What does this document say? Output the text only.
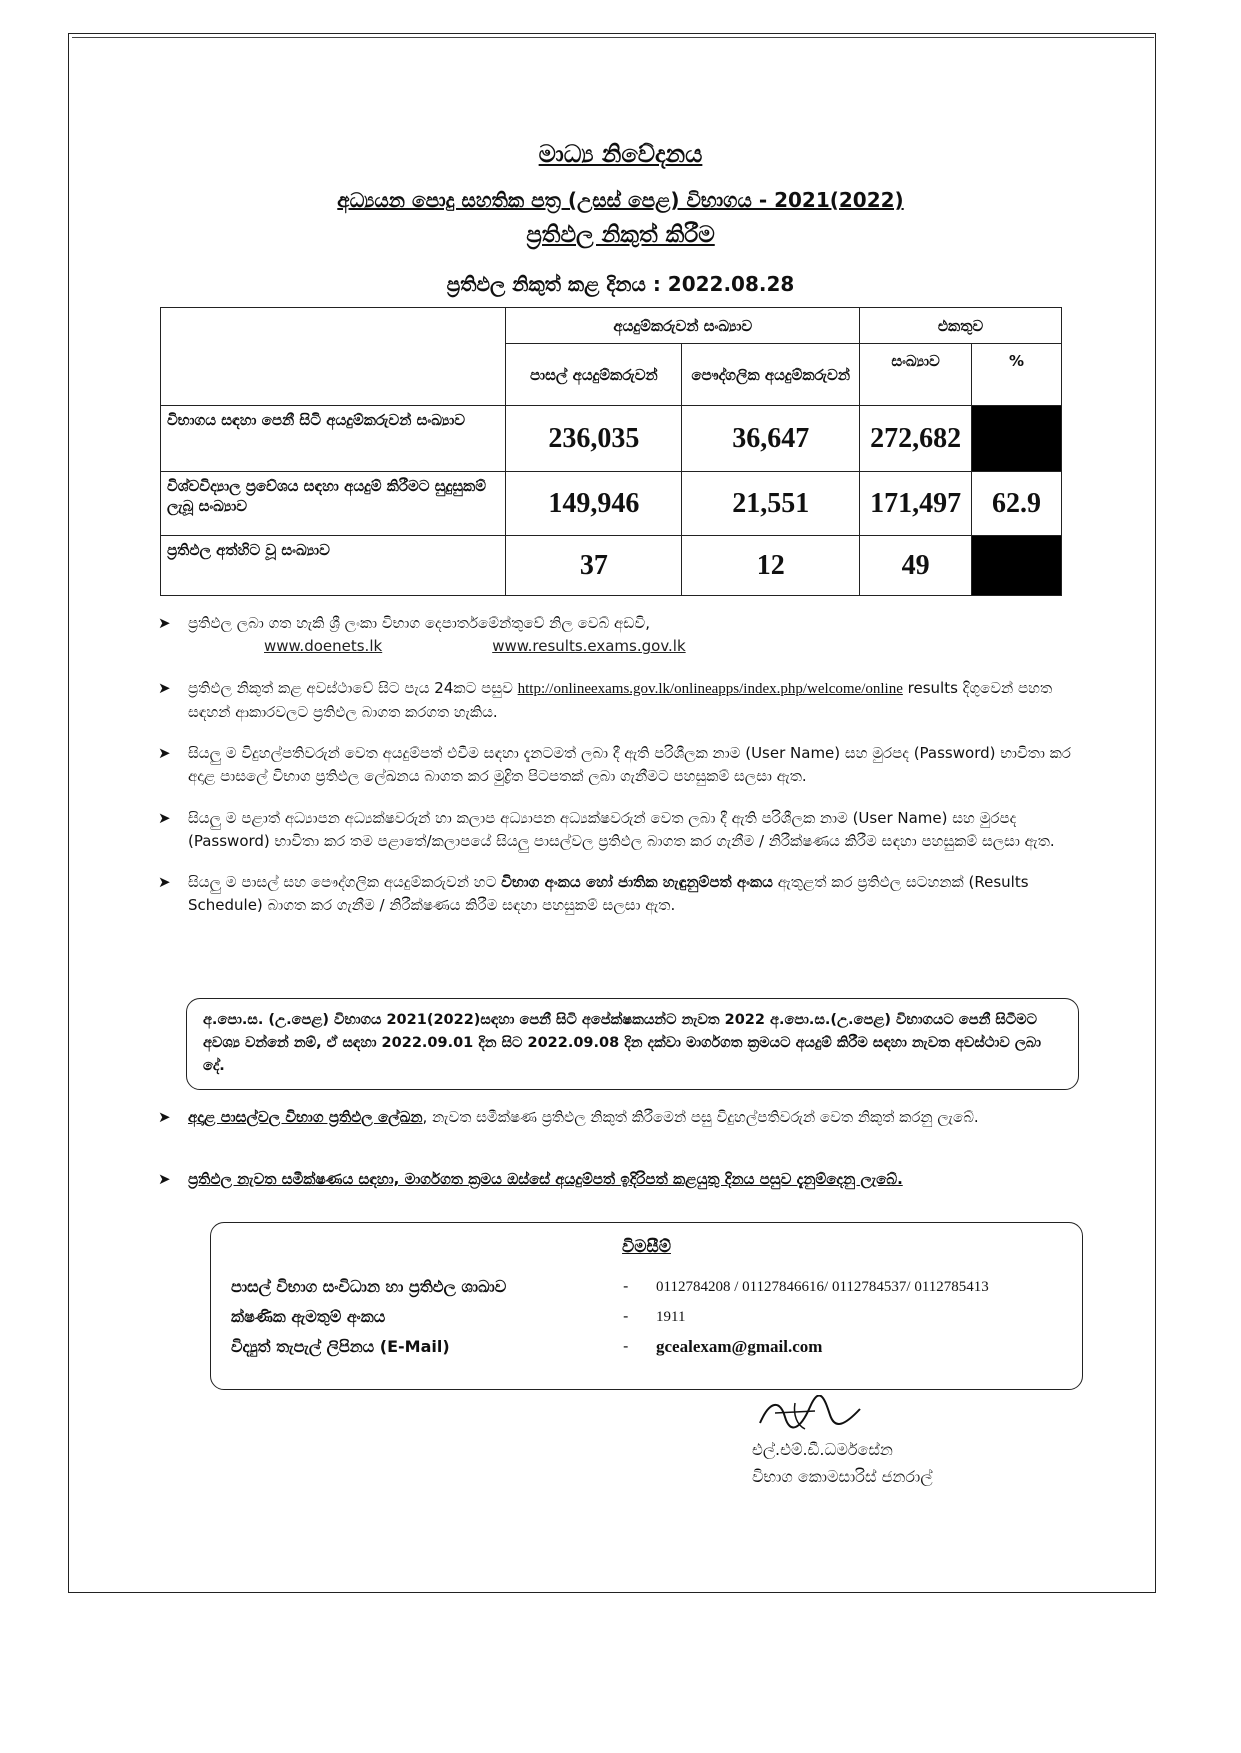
මාධ්‍ය නිවේදනය
අධ්‍යයන පොදු සහතික පත්‍ර (උසස් පෙළ) විභාගය - 2021(2022)
ප්‍රතිඵල නිකුත් කිරීම
ප්‍රතිඵල නිකුත් කළ දිනය : 2022.08.28
	අයදුම්කරුවන් සංඛ්‍යාව		එකතුව	
	පාසල් අයදුම්කරුවන්	පෞද්ගලික අයදුම්කරුවන්	සංඛ්‍යාව	%
විභාගය සඳහා පෙනී සිටි අයදුම්කරුවන් සංඛ්‍යාව	236,035	36,647	272,682	
විශ්වවිද්‍යාල ප්‍රවේශය සඳහා අයදුම් කිරීමට සුදුසුකම් ලැබූ සංඛ්‍යාව	149,946	21,551	171,497	62.9
ප්‍රතිඵල අත්හිට වූ සංඛ්‍යාව	37	12	49	
➤ ප්‍රතිඵල ලබා ගත හැකි ශ්‍රී ලංකා විභාග දෙපාර්තමේන්තුවේ නිල වෙබ් අඩවි,
www.doenets.lk	www.results.exams.gov.lk
➤ ප්‍රතිඵල නිකුත් කළ අවස්ථාවේ සිට පැය 24කට පසුව http://onlineexams.gov.lk/onlineapps/index.php/welcome/online results දිගුවෙන් පහත සඳහන් ආකාරවලට ප්‍රතිඵල බාගත කරගත හැකිය.
➤ සියලු ම විදුහල්පතිවරුන් වෙත අයදුම්පත් එවීම සඳහා දැනටමත් ලබා දී ඇති පරිශීලක නාම (User Name) සහ මුරපද (Password) භාවිතා කර අදාළ පාසලේ විභාග ප්‍රතිඵල ලේඛනය බාගත කර මුද්‍රිත පිටපතක් ලබා ගැනීමට පහසුකම් සලසා ඇත.
➤ සියලු ම පළාත් අධ්‍යාපන අධ්‍යක්ෂවරුන් හා කලාප අධ්‍යාපන අධ්‍යක්ෂවරුන් වෙත ලබා දී ඇති පරිශීලක නාම (User Name) සහ මුරපද (Password) භාවිතා කර තම පළාතේ/කලාපයේ සියලු පාසල්වල ප්‍රතිඵල බාගත කර ගැනීම / නිරීක්ෂණය කිරීම සඳහා පහසුකම් සලසා ඇත.
➤ සියලු ම පාසල් සහ පෞද්ගලික අයදුම්කරුවන් හට විභාග අංකය හෝ ජාතික හැඳුනුම්පත් අංකය ඇතුළත් කර ප්‍රතිඵල සටහනක් (Results Schedule) බාගත කර ගැනීම / නිරීක්ෂණය කිරීම සඳහා පහසුකම් සලසා ඇත.
අ.පො.ස. (උ.පෙළ) විභාගය 2021(2022)සඳහා පෙනී සිටි අපේක්ෂකයන්ට නැවත 2022 අ.පො.ස.(උ.පෙළ) විභාගයට පෙනී සිටීමට අවශ්‍ය වන්නේ නම්, ඒ සඳහා 2022.09.01 දින සිට 2022.09.08 දින දක්වා මාර්ගගත ක්‍රමයට අයදුම් කිරීම සඳහා නැවත අවස්ථාව ලබා දේ.
➤ අදාළ පාසල්වල විභාග ප්‍රතිඵල ලේඛන, නැවත සමීක්ෂණ ප්‍රතිඵල නිකුත් කිරීමෙන් පසු විදුහල්පතිවරුන් වෙත නිකුත් කරනු ලැබේ.
➤ ප්‍රතිඵල නැවත සමීක්ෂණය සඳහා, මාර්ගගත ක්‍රමය ඔස්සේ අයදුම්පත් ඉදිරිපත් කළයුතු දිනය පසුව දැනුම්දෙනු ලැබේ.
විමසීම්
පාසල් විභාග සංවිධාන හා ප්‍රතිඵල ශාඛාව	- 0112784208 / 01127846616/ 0112784537/ 0112785413
ක්ෂණික ඇමතුම් අංකය	- 1911
විද්‍යුත් තැපැල් ලිපිනය (E-Mail)	- gcealexam@gmail.com
එල්.එම්.ඩී.ධර්මසේන
විභාග කොමසාරිස් ජනරාල්
